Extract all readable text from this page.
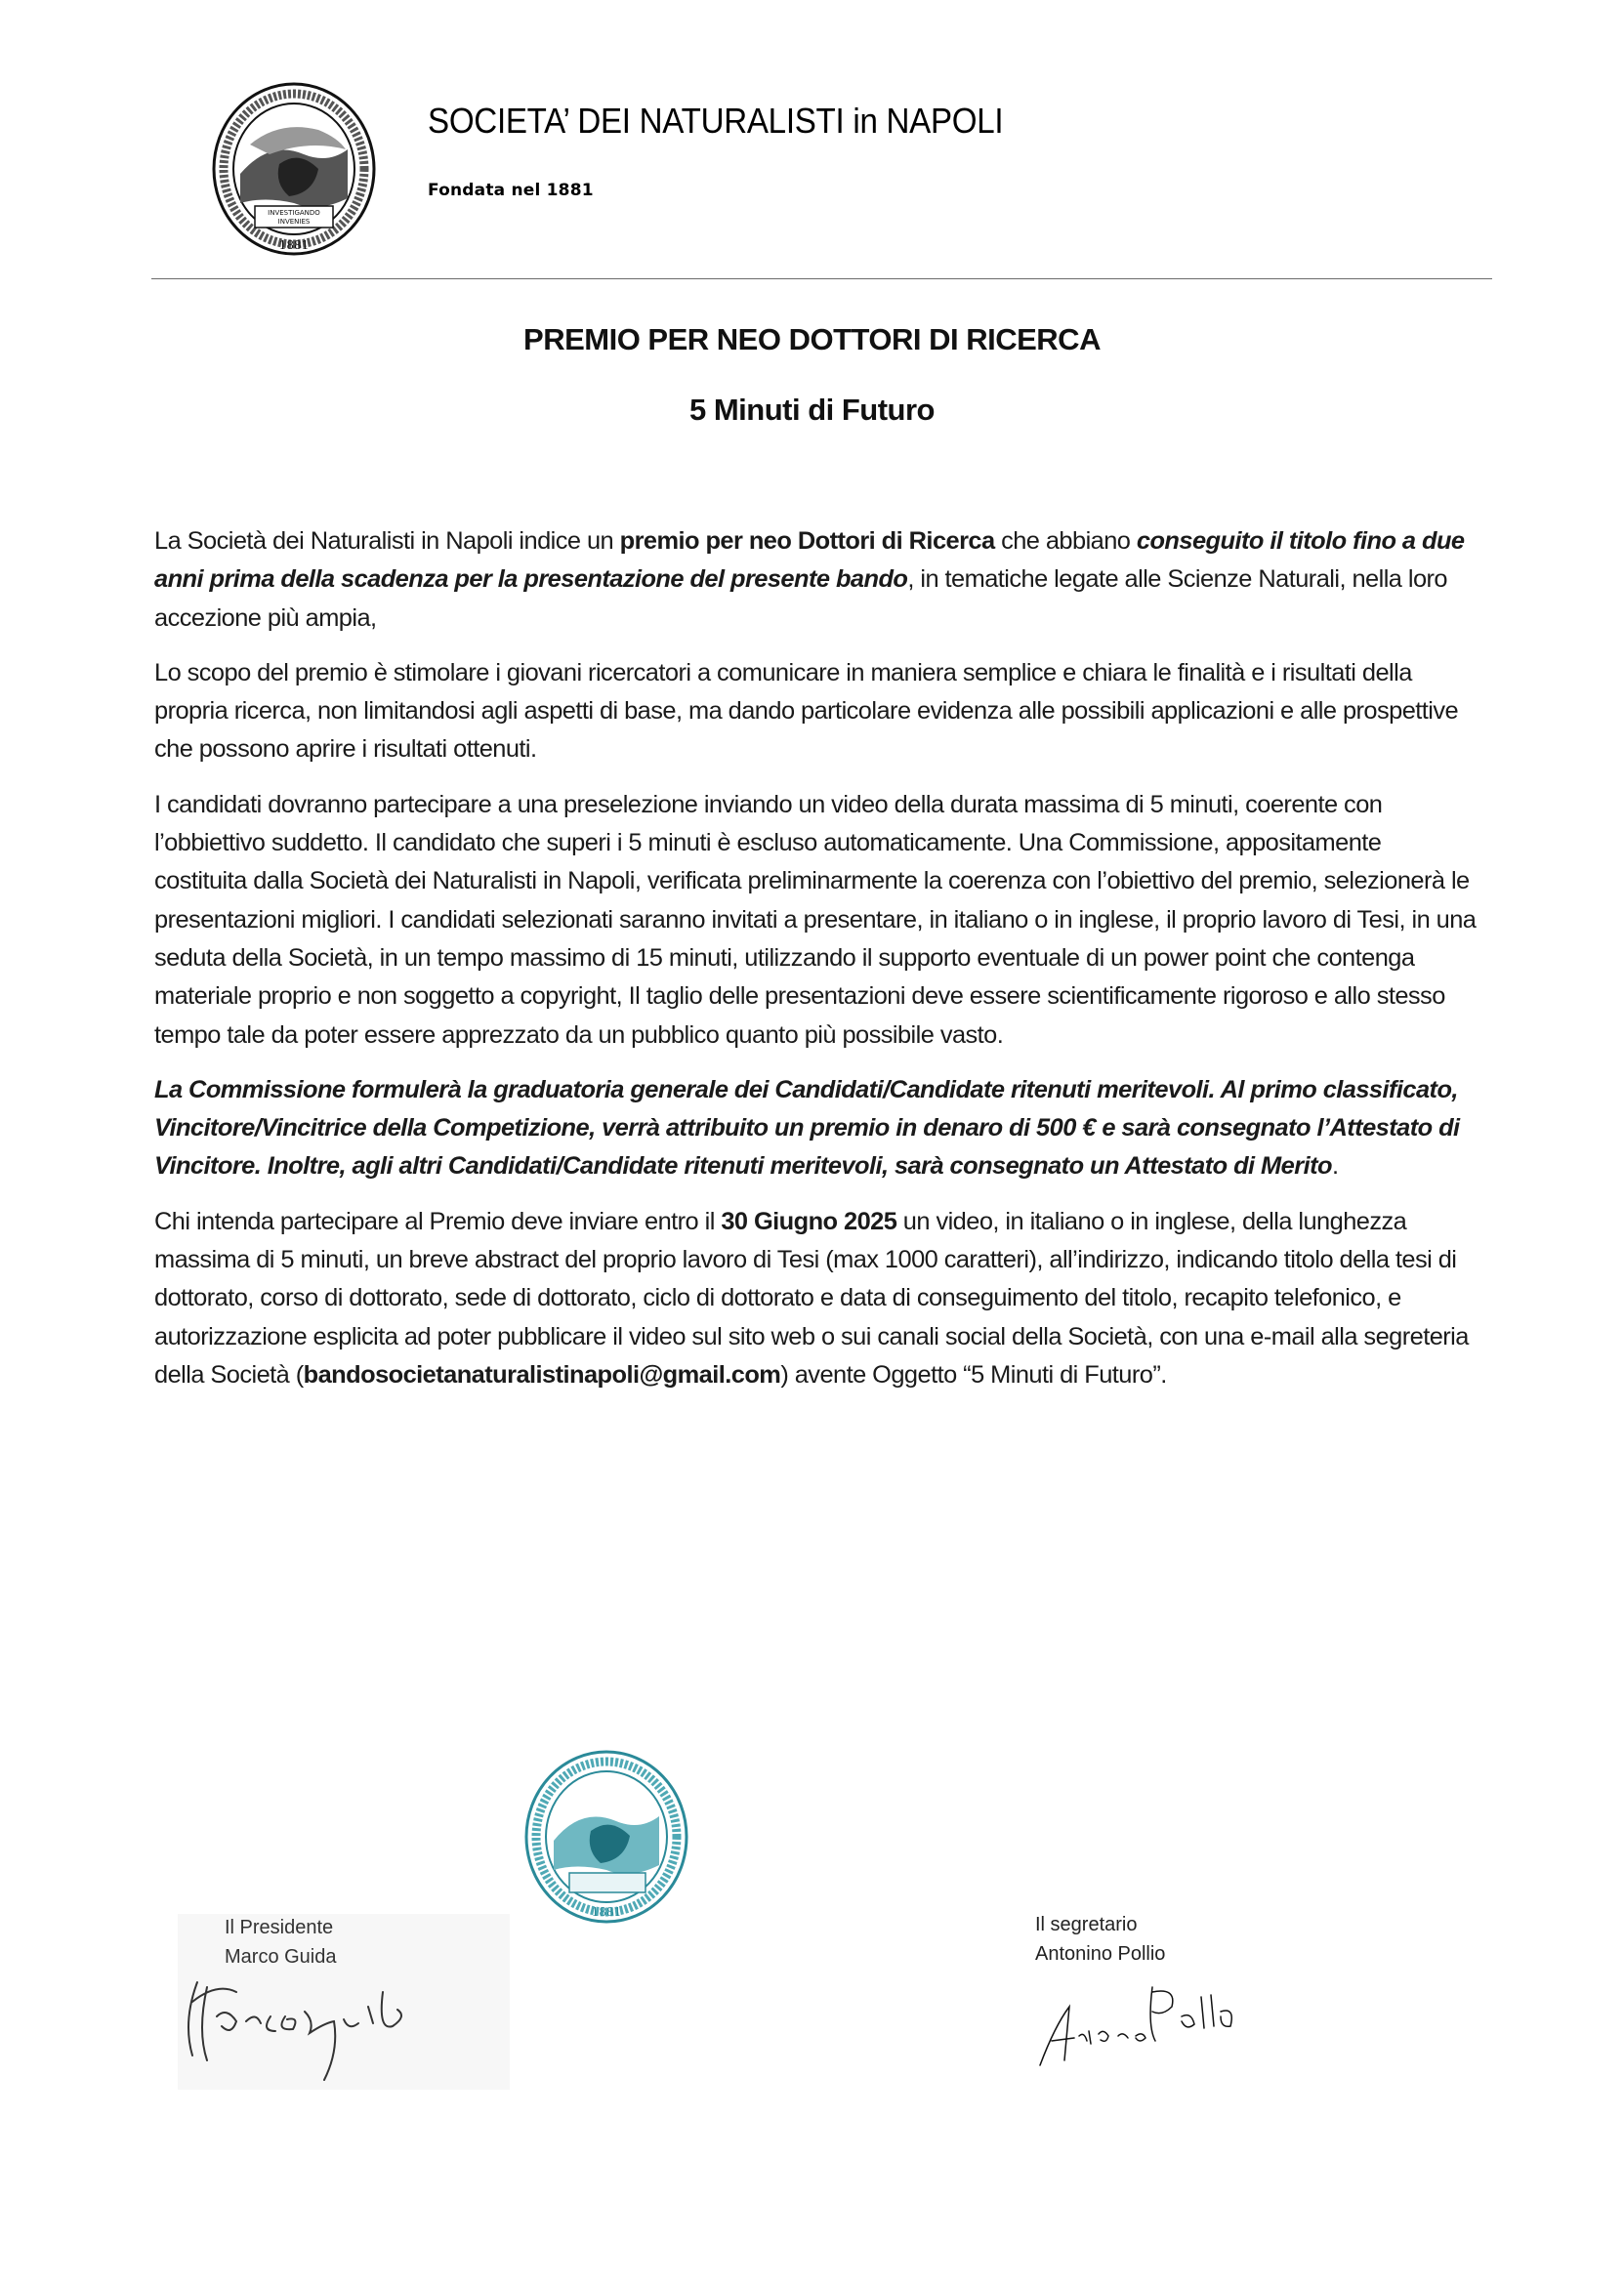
INVESTIGANDO
INVENIES
1881
SOCIETA’ DEI NATURALISTI in NAPOLI
Fondata nel 1881
PREMIO PER NEO DOTTORI DI RICERCA
5 Minuti di Futuro

La Società dei Naturalisti in Napoli indice un premio per neo Dottori di Ricerca che abbiano conseguito il titolo fino a due anni prima della scadenza per la presentazione del presente bando, in tematiche legate alle Scienze Naturali, nella loro accezione più ampia,

Lo scopo del premio è stimolare i giovani ricercatori a comunicare in maniera semplice e chiara le finalità e i risultati della propria ricerca, non limitandosi agli aspetti di base, ma dando particolare evidenza alle possibili applicazioni e alle prospettive che possono aprire i risultati ottenuti.

I candidati dovranno partecipare a una preselezione inviando un video della durata massima di 5 minuti, coerente con l’obbiettivo suddetto. Il candidato che superi i 5 minuti è escluso automaticamente. Una Commissione, appositamente costituita dalla Società dei Naturalisti in Napoli, verificata preliminarmente la coerenza con l’obiettivo del premio, selezionerà le presentazioni migliori. I candidati selezionati saranno invitati a presentare, in italiano o in inglese, il proprio lavoro di Tesi, in una seduta della Società, in un tempo massimo di 15 minuti, utilizzando il supporto eventuale di un power point che contenga materiale proprio e non soggetto a copyright, Il taglio delle presentazioni deve essere scientificamente rigoroso e allo stesso tempo tale da poter essere apprezzato da un pubblico quanto più possibile vasto.

La Commissione formulerà la graduatoria generale dei Candidati/Candidate ritenuti meritevoli. Al primo classificato, Vincitore/Vincitrice della Competizione, verrà attribuito un premio in denaro di 500 € e sarà consegnato l’Attestato di Vincitore. Inoltre, agli altri Candidati/Candidate ritenuti meritevoli, sarà consegnato un Attestato di Merito.

Chi intenda partecipare al Premio deve inviare entro il 30 Giugno 2025 un video, in italiano o in inglese, della lunghezza massima di 5 minuti, un breve abstract del proprio lavoro di Tesi (max 1000 caratteri), all’indirizzo, indicando titolo della tesi di dottorato, corso di dottorato, sede di dottorato, ciclo di dottorato e data di conseguimento del titolo, recapito telefonico, e autorizzazione esplicita ad poter pubblicare il video sul sito web o sui canali social della Società, con una e-mail alla segreteria della Società (bandosocietanaturalistinapoli@gmail.com) avente Oggetto “5 Minuti di Futuro”.

1881
Il Presidente
Marco Guida
Il segretario
Antonino Pollio
